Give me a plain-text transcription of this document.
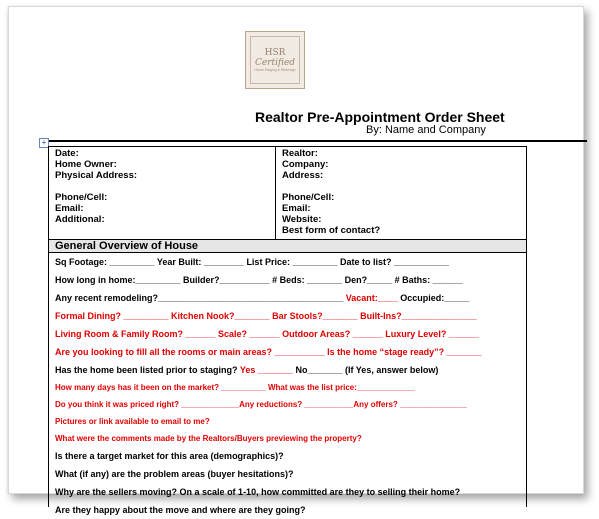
HSR
Certified
Home Staging & Redesign
Realtor Pre-Appointment Order Sheet
By: Name and Company
+
Date:
Home Owner:
Physical Address:
Phone/Cell:
Email:
Additional:
Realtor:
Company:
Address:
Phone/Cell:
Email:
Website:
Best form of contact?
General Overview of House
Sq Footage: _________ Year Built: ________ List Price: _________ Date to list? ___________
How long in home:_________ Builder?__________ # Beds: _______ Den?_____ # Baths: ______
Any recent remodeling?_____________________________________ Vacant:____ Occupied:_____
Formal Dining? _________ Kitchen Nook?_______ Bar Stools?_______ Built-Ins?_______________
Living Room & Family Room? ______ Scale? ______ Outdoor Areas? ______ Luxury Level? ______
Are you looking to fill all the rooms or main areas? __________ Is the home “stage ready”? _______
Has the home been listed prior to staging? Yes _______ No_______ (If Yes, answer below)
How many days has it been on the market? __________ What was the list price:_____________
Do you think it was priced right? _____________Any reductions? ___________Any offers? _______________
Pictures or link available to email to me?
What were the comments made by the Realtors/Buyers previewing the property?
Is there a target market for this area (demographics)?
What (if any) are the problem areas (buyer hesitations)?
Why are the sellers moving? On a scale of 1-10, how committed are they to selling their home?
Are they happy about the move and where are they going?
